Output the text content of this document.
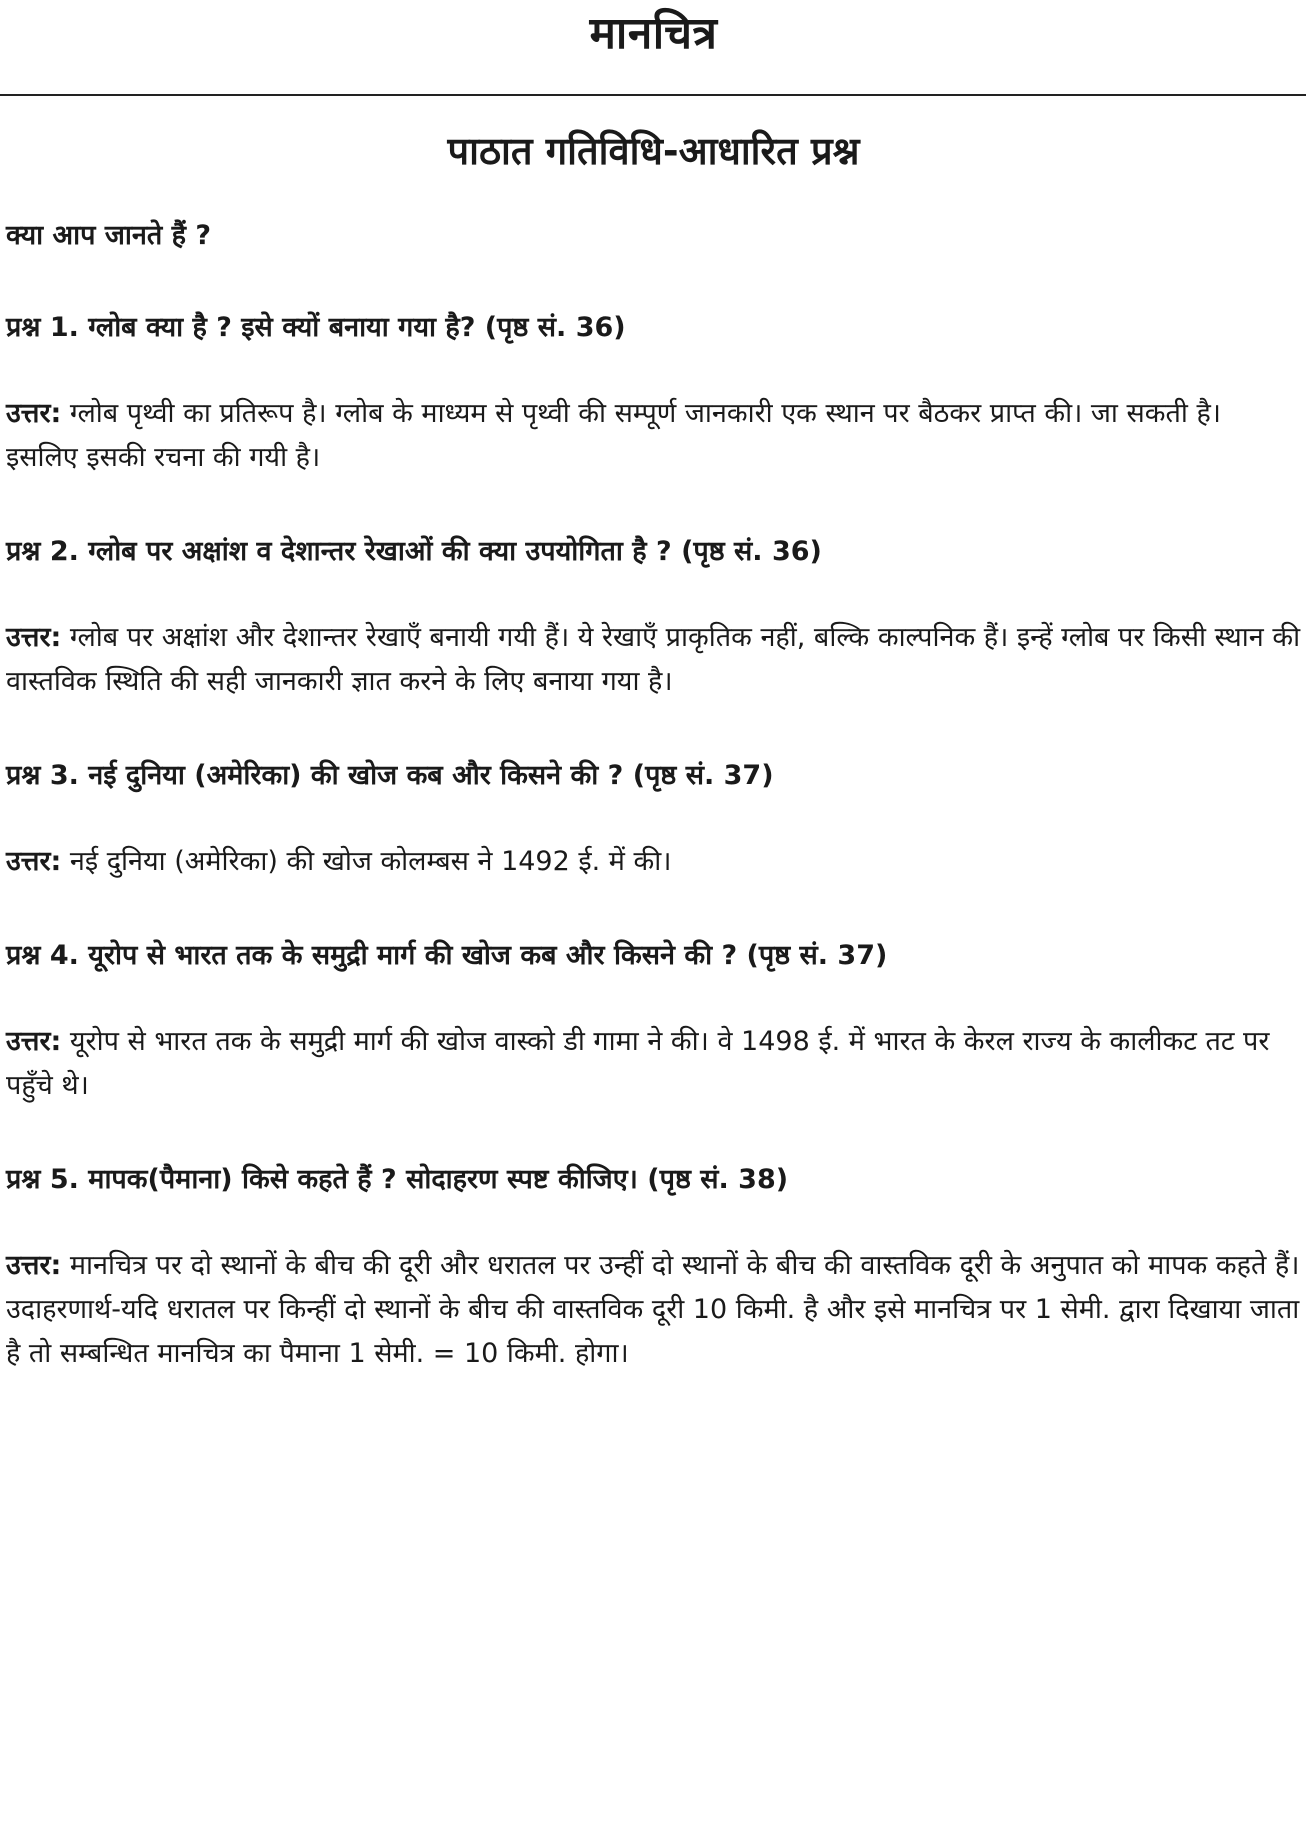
मानचित्र
पाठात गतिविधि-आधारित प्रश्न

क्या आप जानते हैं ?

प्रश्न 1. ग्लोब क्या है ? इसे क्यों बनाया गया है? (पृष्ठ सं. 36)

उत्तर: ग्लोब पृथ्वी का प्रतिरूप है। ग्लोब के माध्यम से पृथ्वी की सम्पूर्ण जानकारी एक स्थान पर बैठकर प्राप्त की। जा सकती है। इसलिए इसकी रचना की गयी है।

प्रश्न 2. ग्लोब पर अक्षांश व देशान्तर रेखाओं की क्या उपयोगिता है ? (पृष्ठ सं. 36)

उत्तर: ग्लोब पर अक्षांश और देशान्तर रेखाएँ बनायी गयी हैं। ये रेखाएँ प्राकृतिक नहीं, बल्कि काल्पनिक हैं। इन्हें ग्लोब पर किसी स्थान की वास्तविक स्थिति की सही जानकारी ज्ञात करने के लिए बनाया गया है।

प्रश्न 3. नई दुनिया (अमेरिका) की खोज कब और किसने की ? (पृष्ठ सं. 37)

उत्तर: नई दुनिया (अमेरिका) की खोज कोलम्बस ने 1492 ई. में की।

प्रश्न 4. यूरोप से भारत तक के समुद्री मार्ग की खोज कब और किसने की ? (पृष्ठ सं. 37)

उत्तर: यूरोप से भारत तक के समुद्री मार्ग की खोज वास्को डी गामा ने की। वे 1498 ई. में भारत के केरल राज्य के कालीकट तट पर पहुँचे थे।

प्रश्न 5. मापक(पैमाना) किसे कहते हैं ? सोदाहरण स्पष्ट कीजिए। (पृष्ठ सं. 38)

उत्तर: मानचित्र पर दो स्थानों के बीच की दूरी और धरातल पर उन्हीं दो स्थानों के बीच की वास्तविक दूरी के अनुपात को मापक कहते हैं। उदाहरणार्थ-यदि धरातल पर किन्हीं दो स्थानों के बीच की वास्तविक दूरी 10 किमी. है और इसे मानचित्र पर 1 सेमी. द्वारा दिखाया जाता है तो सम्बन्धित मानचित्र का पैमाना 1 सेमी. = 10 किमी. होगा।
